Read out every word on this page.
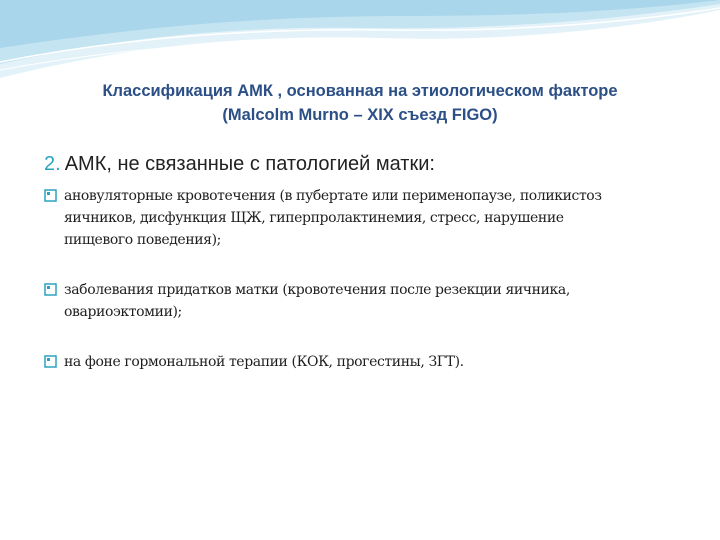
Классификация АМК , основанная на этиологическом факторе
(Malcolm Murno – XIX съезд FIGO)
2. АМК, не связанные с патологией матки:
ановуляторные кровотечения (в пубертате или перименопаузе, поликистоз
яичников, дисфункция ЩЖ, гиперпролактинемия, стресс, нарушение
пищевого поведения);
заболевания придатков матки (кровотечения после резекции яичника,
овариоэктомии);
на фоне гормональной терапии (КОК, прогестины, ЗГТ).
